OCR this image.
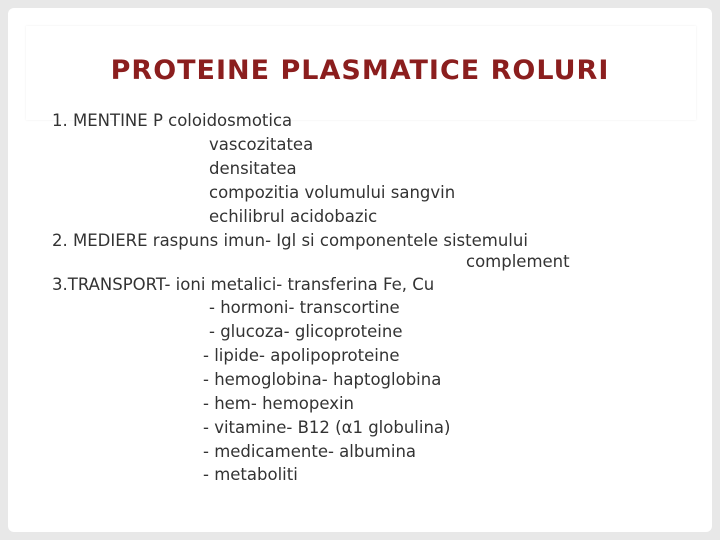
PROTEINE PLASMATICE ROLURI
1. MENTINE P coloidosmotica
vascozitatea
densitatea
compozitia volumului sangvin
echilibrul acidobazic
2. MEDIERE raspuns imun- Igl si componentele sistemului
complement
3.TRANSPORT- ioni metalici- transferina Fe, Cu
- hormoni- transcortine
- glucoza- glicoproteine
- lipide- apolipoproteine
- hemoglobina- haptoglobina
- hem- hemopexin
- vitamine- B12 (α1 globulina)
- medicamente- albumina
- metaboliti
